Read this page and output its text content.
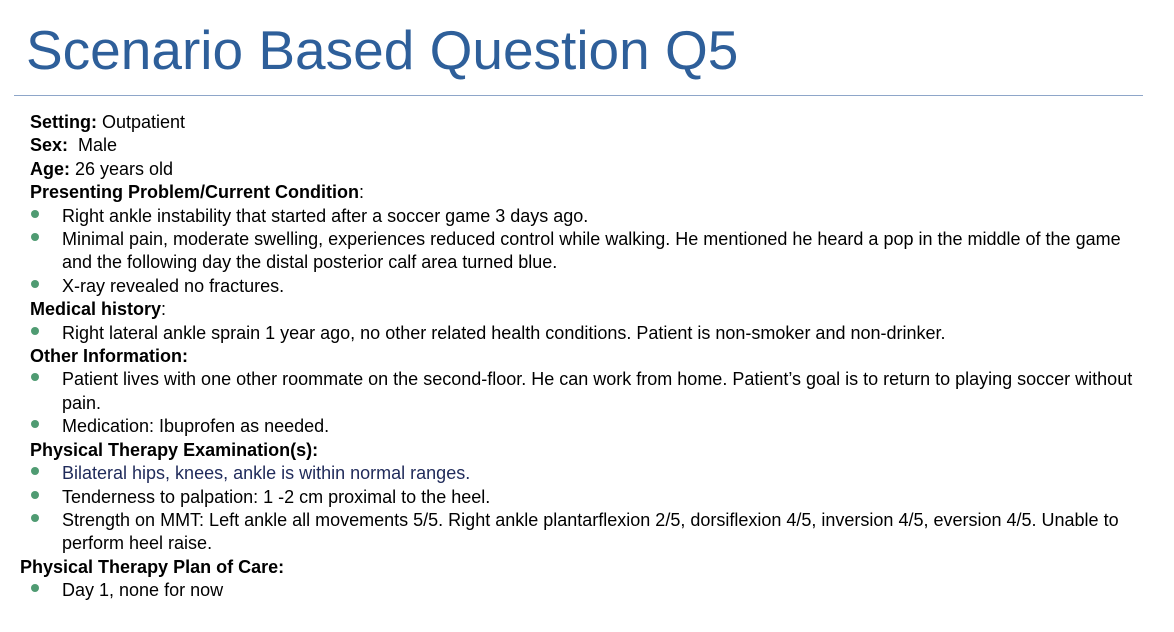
Scenario Based Question Q5
Setting: Outpatient
Sex:  Male
Age: 26 years old
Presenting Problem/Current Condition:
Right ankle instability that started after a soccer game 3 days ago.
Minimal pain, moderate swelling, experiences reduced control while walking. He mentioned he heard a pop in the middle of the game and the following day the distal posterior calf area turned blue.
X-ray revealed no fractures.
Medical history:
Right lateral ankle sprain 1 year ago, no other related health conditions. Patient is non-smoker and non-drinker.
Other Information:
Patient lives with one other roommate on the second-floor. He can work from home. Patient’s goal is to return to playing soccer without pain.
Medication: Ibuprofen as needed.
Physical Therapy Examination(s):
Bilateral hips, knees, ankle is within normal ranges.
Tenderness to palpation: 1 -2 cm proximal to the heel.
Strength on MMT: Left ankle all movements 5/5. Right ankle plantarflexion 2/5, dorsiflexion 4/5, inversion 4/5, eversion 4/5. Unable to perform heel raise.
Physical Therapy Plan of Care:
Day 1, none for now
